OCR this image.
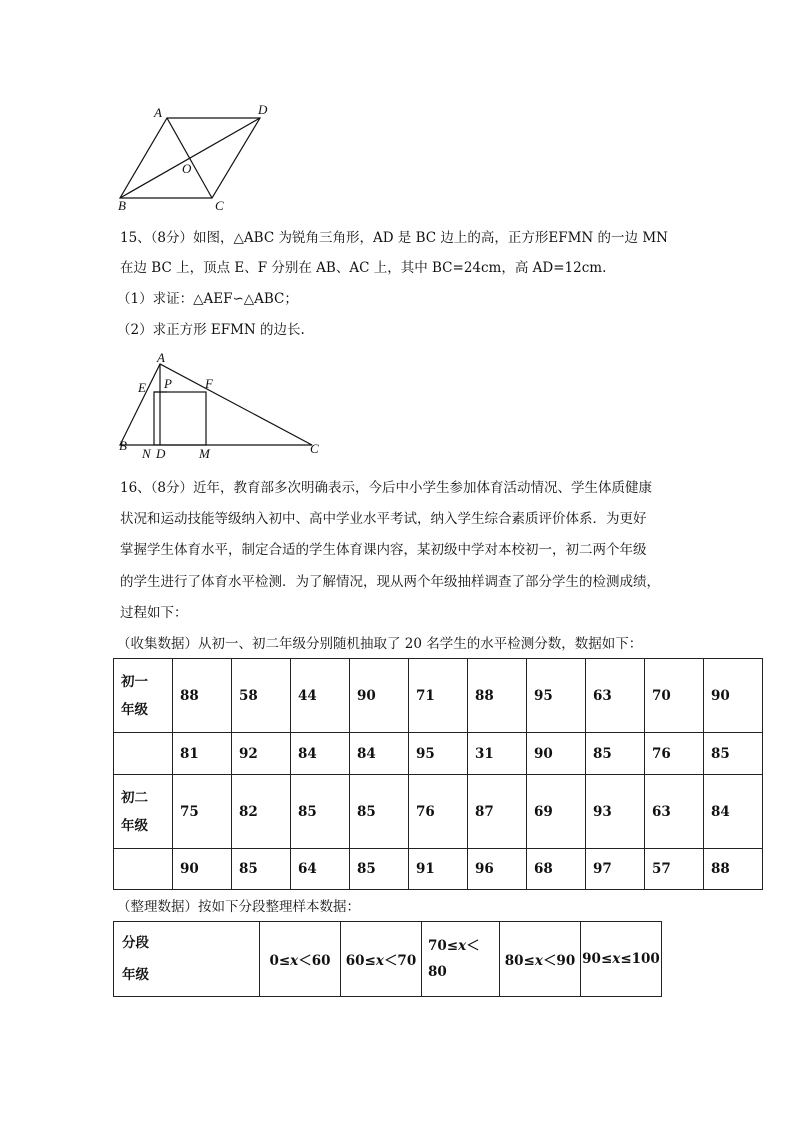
A	D
O
B	C
15、（8分）如图，△ABC 为锐角三角形，AD 是 BC 边上的高，正方形EFMN 的一边 MN
在边 BC 上，顶点 E、F 分别在 AB、AC 上，其中 BC=24cm，高 AD=12cm.
（1）求证：△AEF∽△ABC；
（2）求正方形 EFMN 的边长.
A
E P	F
B
N D	M	C
16、（8分）近年，教育部多次明确表示，今后中小学生参加体育活动情况、学生体质健康
状况和运动技能等级纳入初中、高中学业水平考试，纳入学生综合素质评价体系．为更好
掌握学生体育水平，制定合适的学生体育课内容，某初级中学对本校初一，初二两个年级
的学生进行了体育水平检测．为了解情况，现从两个年级抽样调查了部分学生的检测成绩，
过程如下：
（收集数据）从初一、初二年级分别随机抽取了 20 名学生的水平检测分数，数据如下：
初一
年级	88	58	44	90	71	88	95	63	70	90
	81	92	84	84	95	31	90	85	76	85
初二
年级	75	82	85	85	76	87	69	93	63	84
	90	85	64	85	91	96	68	97	57	88
（整理数据）按如下分段整理样本数据：
分段
年级	0≤x＜60	60≤x＜70	70≤x＜
80	80≤x＜90	90≤x≤100
